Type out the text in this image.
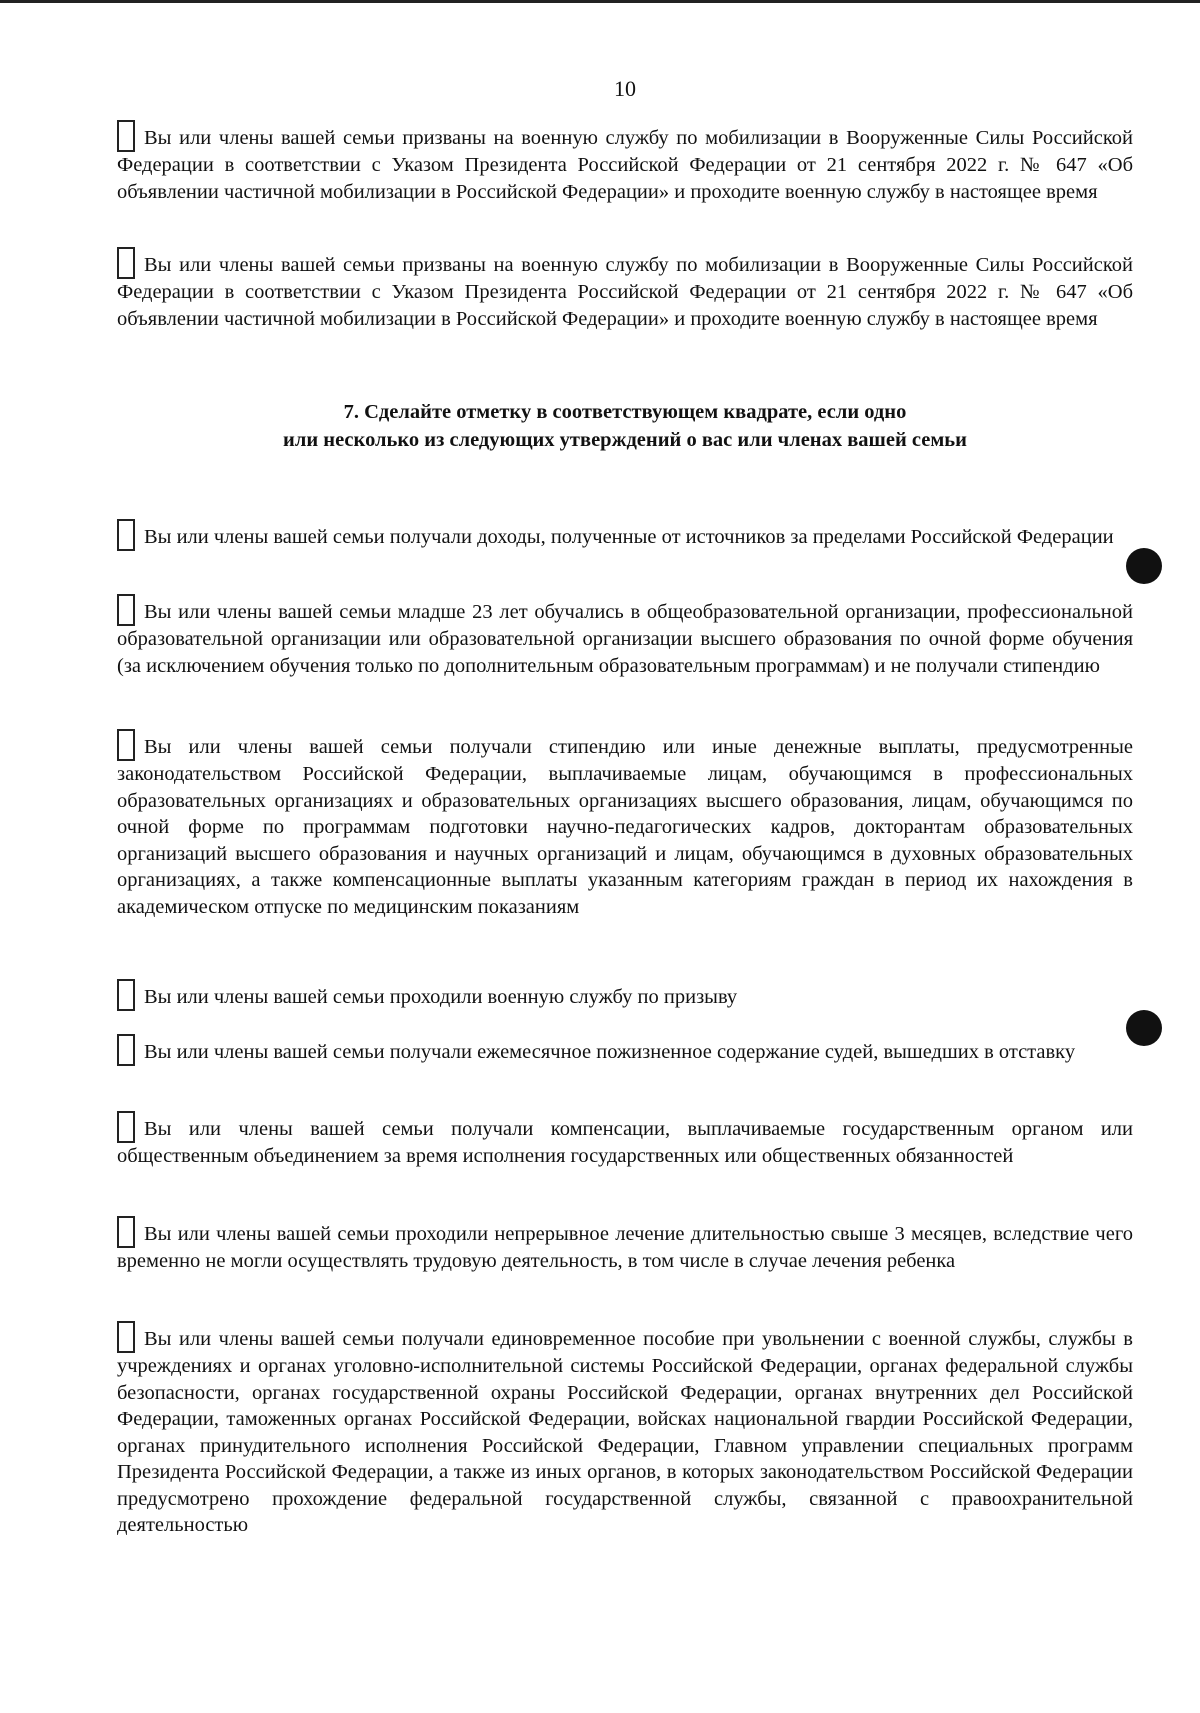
10
Вы или члены вашей семьи призваны на военную службу по мобилизации в Вооруженные Силы Российской Федерации в соответствии с Указом Президента Российской Федерации от 21 сентября 2022 г. № 647 «Об объявлении частичной мобилизации в Российской Федерации» и проходите военную службу в настоящее время
Вы или члены вашей семьи призваны на военную службу по мобилизации в Вооруженные Силы Российской Федерации в соответствии с Указом Президента Российской Федерации от 21 сентября 2022 г. № 647 «Об объявлении частичной мобилизации в Российской Федерации» и проходите военную службу в настоящее время
7. Сделайте отметку в соответствующем квадрате, если одно
или несколько из следующих утверждений о вас или членах вашей семьи
Вы или члены вашей семьи получали доходы, полученные от источников за пределами Российской Федерации
Вы или члены вашей семьи младше 23 лет обучались в общеобразовательной организации, профессиональной образовательной организации или образовательной организации высшего образования по очной форме обучения (за исключением обучения только по дополнительным образовательным программам) и не получали стипендию
Вы или члены вашей семьи получали стипендию или иные денежные выплаты, предусмотренные законодательством Российской Федерации, выплачиваемые лицам, обучающимся в профессиональных образовательных организациях и образовательных организациях высшего образования, лицам, обучающимся по очной форме по программам подготовки научно-педагогических кадров, докторантам образовательных организаций высшего образования и научных организаций и лицам, обучающимся в духовных образовательных организациях, а также компенсационные выплаты указанным категориям граждан в период их нахождения в академическом отпуске по медицинским показаниям
Вы или члены вашей семьи проходили военную службу по призыву
Вы или члены вашей семьи получали ежемесячное пожизненное содержание судей, вышедших в отставку
Вы или члены вашей семьи получали компенсации, выплачиваемые государственным органом или общественным объединением за время исполнения государственных или общественных обязанностей
Вы или члены вашей семьи проходили непрерывное лечение длительностью свыше 3 месяцев, вследствие чего временно не могли осуществлять трудовую деятельность, в том числе в случае лечения ребенка
Вы или члены вашей семьи получали единовременное пособие при увольнении с военной службы, службы в учреждениях и органах уголовно-исполнительной системы Российской Федерации, органах федеральной службы безопасности, органах государственной охраны Российской Федерации, органах внутренних дел Российской Федерации, таможенных органах Российской Федерации, войсках национальной гвардии Российской Федерации, органах принудительного исполнения Российской Федерации, Главном управлении специальных программ Президента Российской Федерации, а также из иных органов, в которых законодательством Российской Федерации предусмотрено прохождение федеральной государственной службы, связанной с правоохранительной деятельностью
